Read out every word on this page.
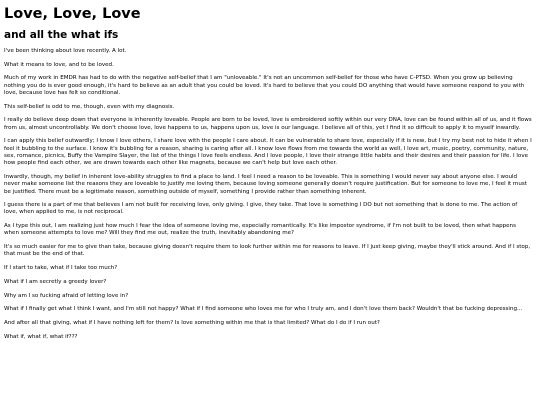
Love, Love, Love
and all the what ifs

I've been thinking about love recently. A lot.

What it means to love, and to be loved.

Much of my work in EMDR has had to do with the negative self-belief that I am "unloveable." It's not an uncommon self-belief for those who have C-PTSD. When you grow up believing nothing you do is ever good enough, it's hard to believe as an adult that you could be loved. It's hard to believe that you could DO anything that would have someone respond to you with love, because love has felt so conditional.

This self-belief is odd to me, though, even with my diagnosis.

I really do believe deep down that everyone is inherently loveable. People are born to be loved, love is embroidered softly within our very DNA, love can be found within all of us, and it flows from us, almost uncontrollably. We don't choose love, love happens to us, happens upon us, love is our language. I believe all of this, yet I find it so difficult to apply it to myself inwardly.

I can apply this belief outwardly; I know I love others, I share love with the people I care about. It can be vulnerable to share love, especially if it is new, but I try my best not to hide it when I feel it bubbling to the surface. I know it's bubbling for a reason, sharing is caring after all. I know love flows from me towards the world as well, I love art, music, poetry, community, nature, sex, romance, picnics, Buffy the Vampire Slayer, the list of the things I love feels endless. And I love people, I love their strange little habits and their desires and their passion for life. I love how people find each other, we are drawn towards each other like magnets, because we can't help but love each other.

Inwardly, though, my belief in inherent love-ability struggles to find a place to land. I feel I need a reason to be loveable. This is something I would never say about anyone else. I would never make someone list the reasons they are loveable to justify me loving them, because loving someone generally doesn't require justification. But for someone to love me, I feel it must be justified. There must be a legitimate reason, something outside of myself, something I provide rather than something inherent.

I guess there is a part of me that believes I am not built for receiving love, only giving. I give, they take. That love is something I DO but not something that is done to me. The action of love, when applied to me, is not reciprocal.

As I type this out, I am realizing just how much I fear the idea of someone loving me, especially romantically. It's like impostor syndrome, if I'm not built to be loved, then what happens when someone attempts to love me? Will they find me out, realize the truth, inevitably abandoning me?

It's so much easier for me to give than take, because giving doesn't require them to look further within me for reasons to leave. If I just keep giving, maybe they'll stick around. And if I stop, that must be the end of that.

If I start to take, what if I take too much?

What if I am secretly a greedy lover?

Why am I so fucking afraid of letting love in?

What if I finally get what I think I want, and I'm still not happy? What if I find someone who loves me for who I truly am, and I don't love them back? Wouldn't that be fucking depressing...

And after all that giving, what if I have nothing left for them? Is love something within me that is that limited? What do I do if I run out?

What if, what if, what if???
